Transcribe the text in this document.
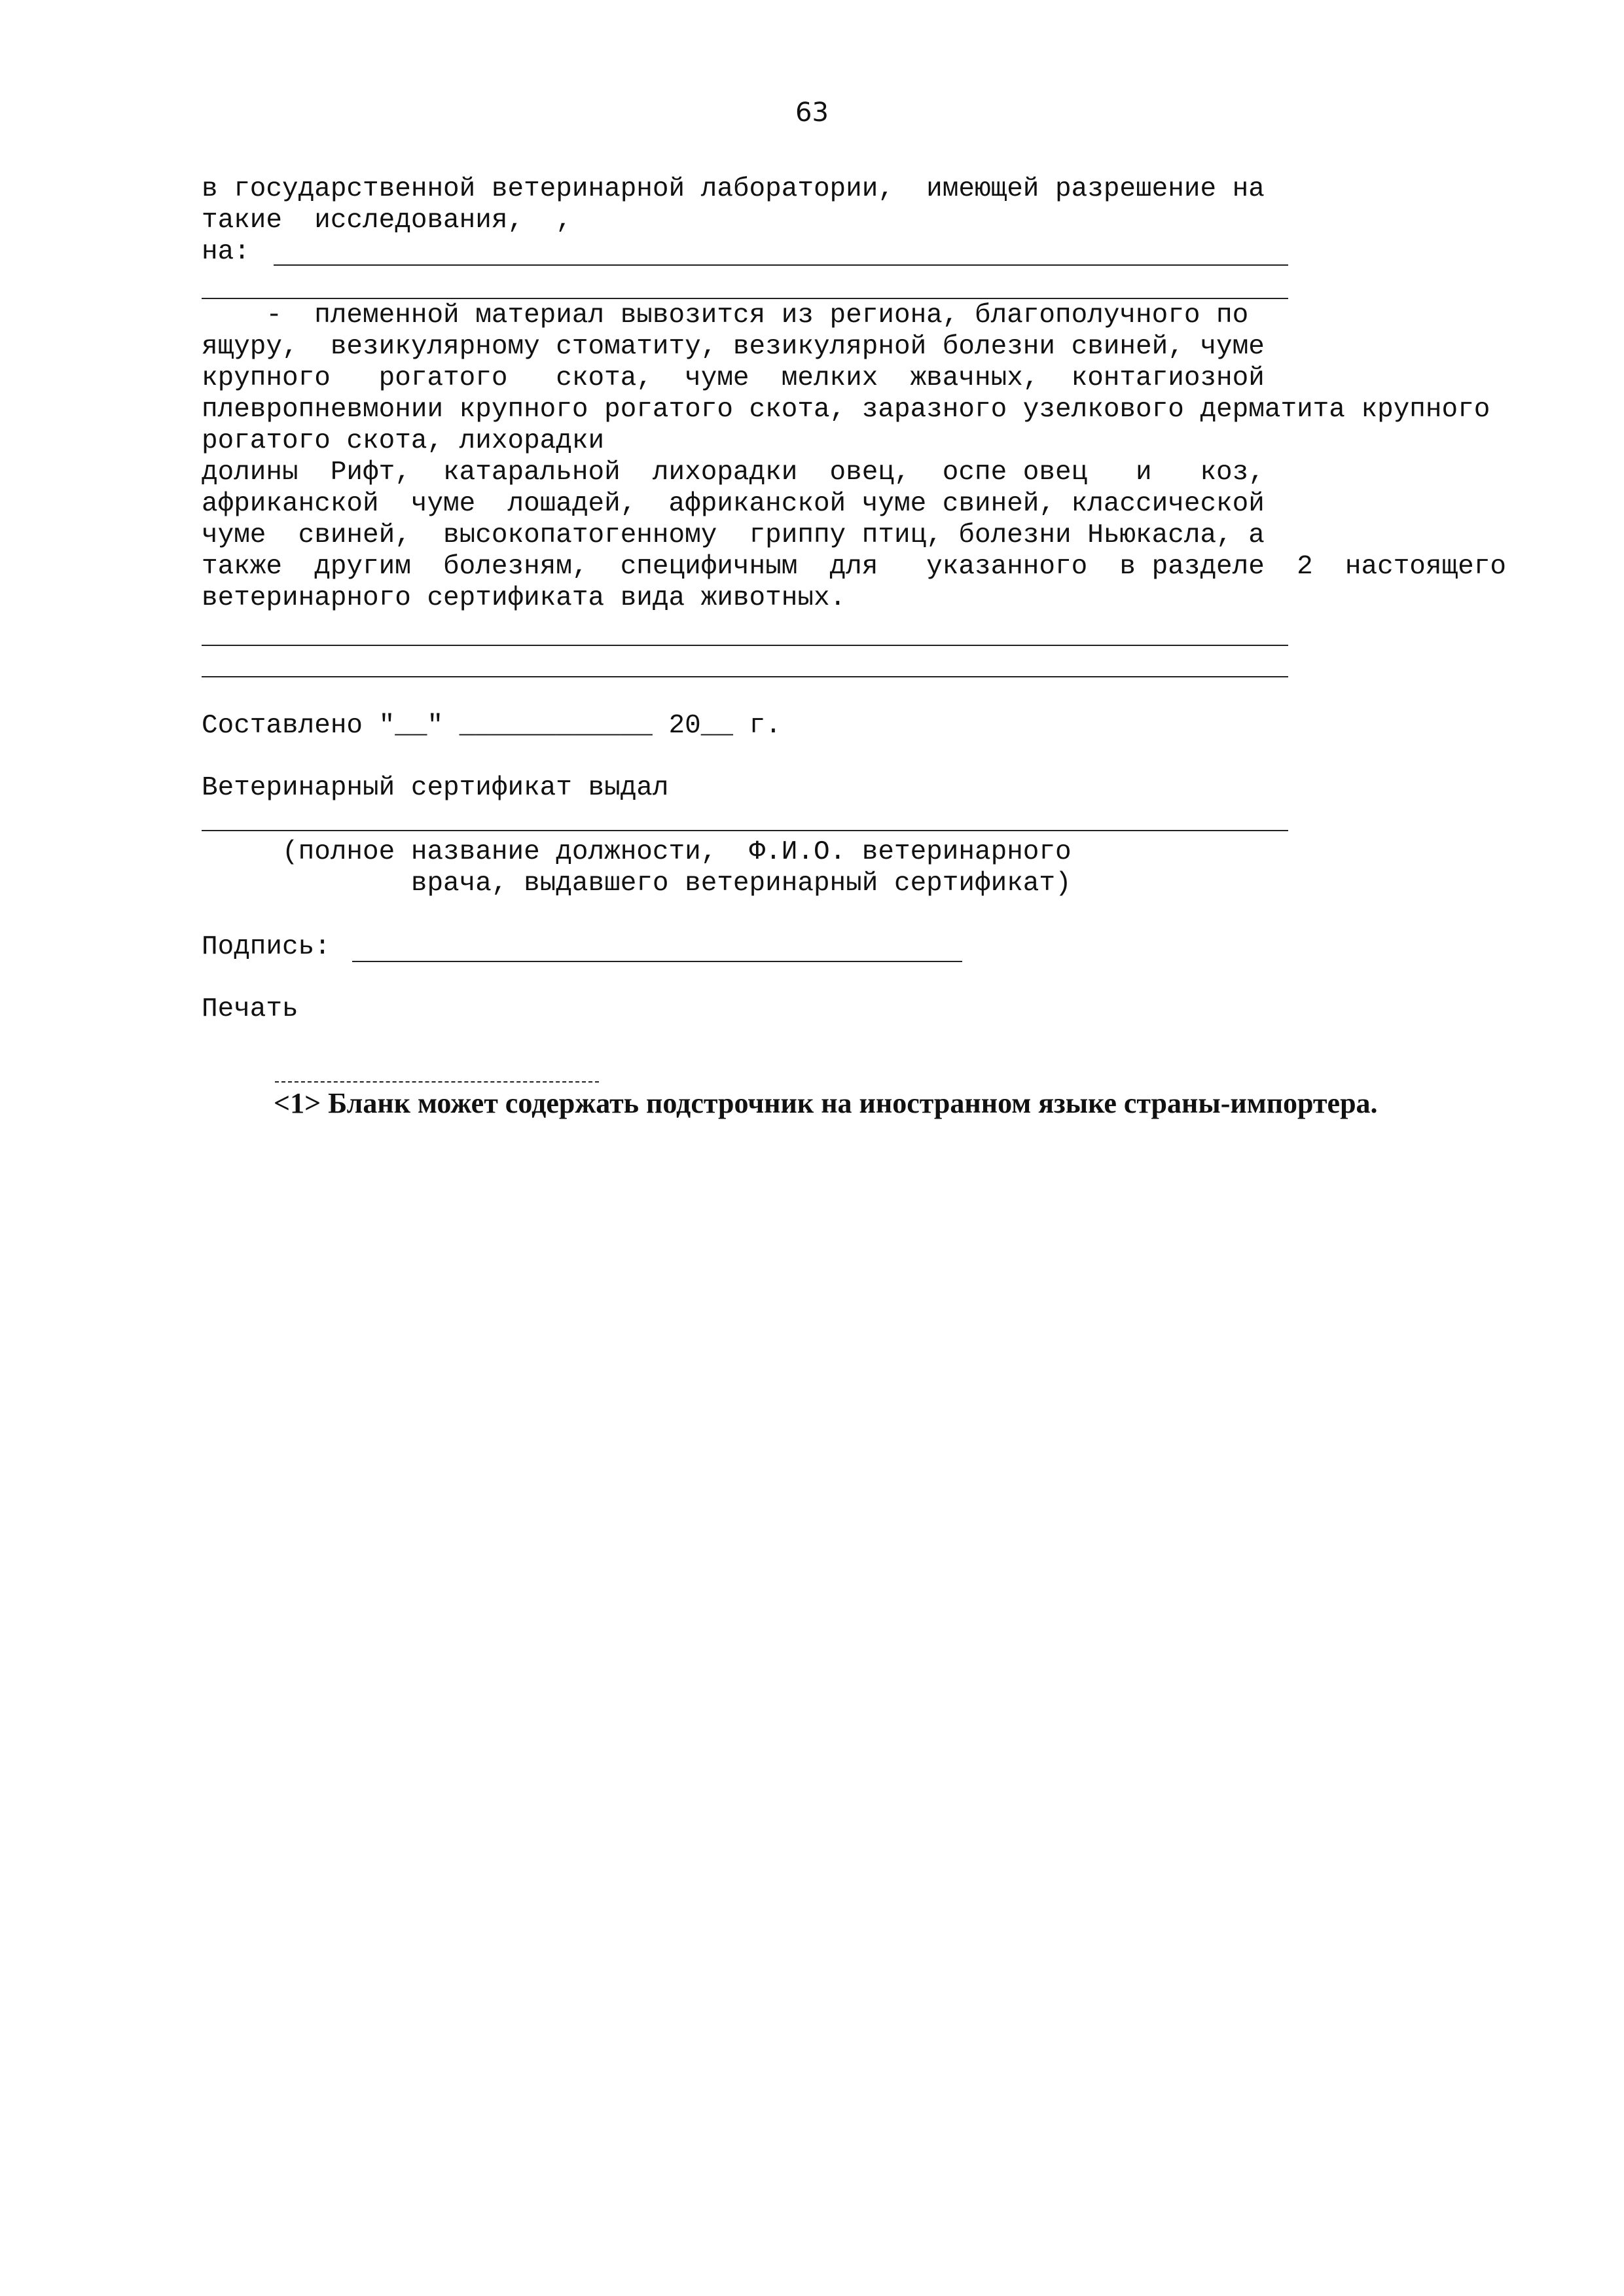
63
в государственной ветеринарной лаборатории,  имеющей разрешение на
такие  исследования,  ,
на:
-  племенной материал вывозится из региона, благополучного по
ящуру,  везикулярному стоматиту, везикулярной болезни свиней, чуме
крупного   рогатого   скота,  чуме  мелких  жвачных,  контагиозной
плевропневмонии крупного рогатого скота, заразного узелкового дерматита крупного
рогатого скота, лихорадки
долины  Рифт,  катаральной  лихорадки  овец,  оспе овец   и   коз,
африканской  чуме  лошадей,  африканской чуме свиней, классической
чуме  свиней,  высокопатогенному  гриппу птиц, болезни Ньюкасла, а
также  другим  болезням,  специфичным  для   указанного  в разделе  2  настоящего
ветеринарного сертификата вида животных.
Составлено "__" ____________ 20__ г.
Ветеринарный сертификат выдал
(полное название должности,  Ф.И.О. ветеринарного
врача, выдавшего ветеринарный сертификат)
Подпись:
Печать
<1> Бланк может содержать подстрочник на иностранном языке страны-импортера.
